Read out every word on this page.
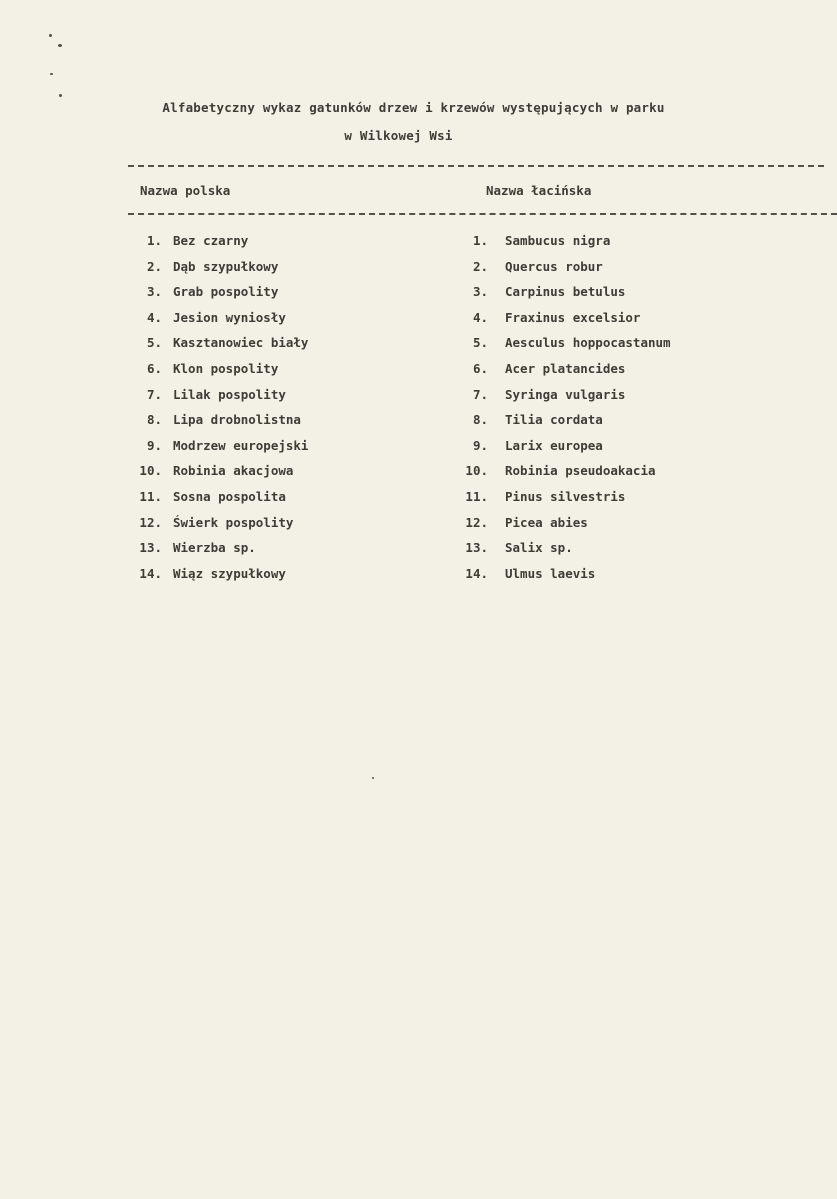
Alfabetyczny wykaz gatunków drzew i krzewów występujących w parku
w Wilkowej Wsi
Nazwa polska	Nazwa łacińska
1. Bez czarny	1. Sambucus nigra
2. Dąb szypułkowy	2. Quercus robur
3. Grab pospolity	3. Carpinus betulus
4. Jesion wyniosły	4. Fraxinus excelsior
5. Kasztanowiec biały	5. Aesculus hoppocastanum
6. Klon pospolity	6. Acer platancides
7. Lilak pospolity	7. Syringa vulgaris
8. Lipa drobnolistna	8. Tilia cordata
9. Modrzew europejski	9. Larix europea
10. Robinia akacjowa	10. Robinia pseudoakacia
11. Sosna pospolita	11. Pinus silvestris
12. Świerk pospolity	12. Picea abies
13. Wierzba sp.	13. Salix sp.
14. Wiąz szypułkowy	14. Ulmus laevis
